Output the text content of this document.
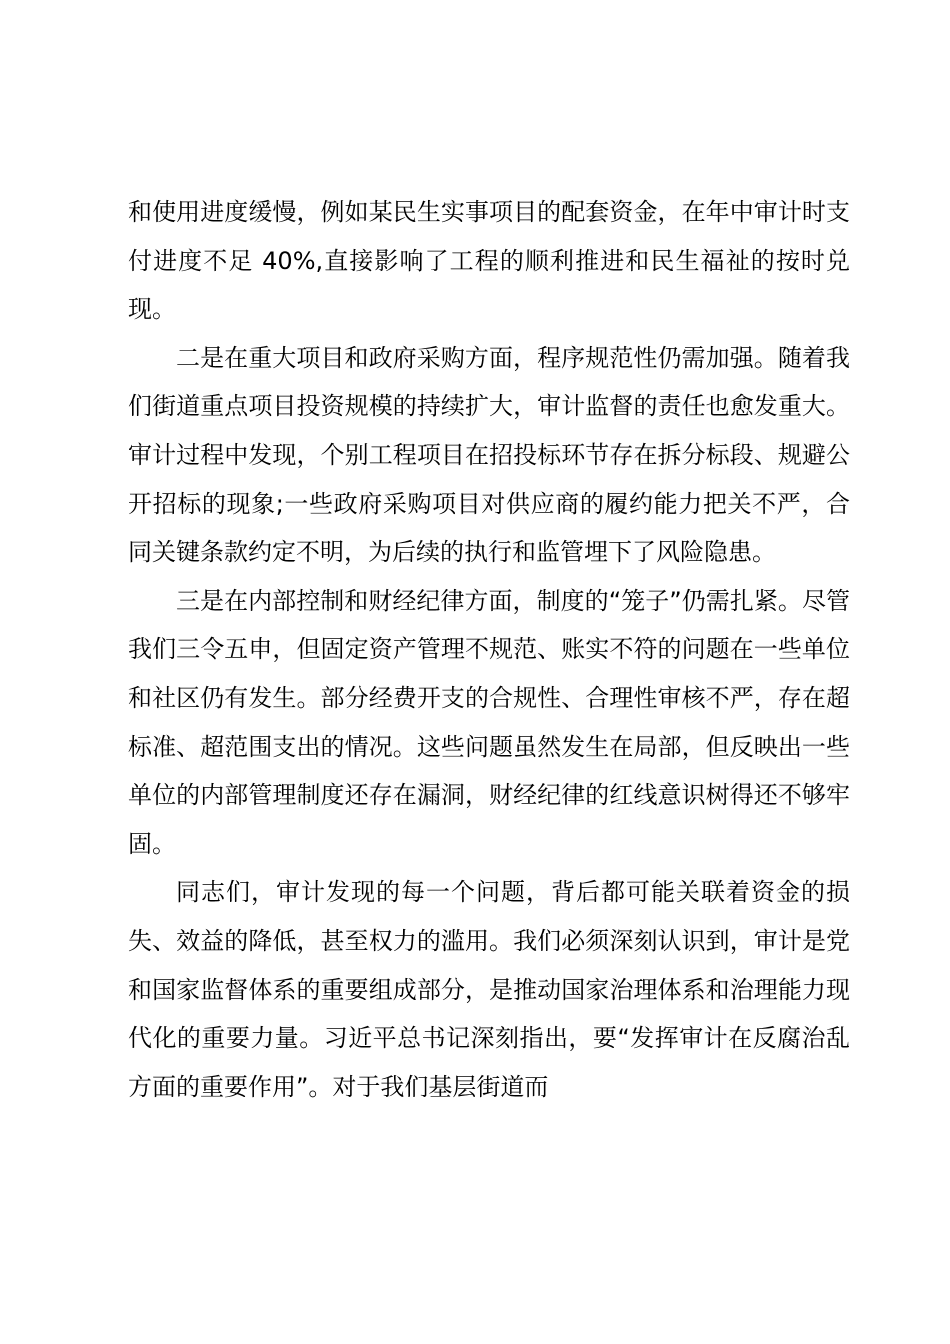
和使用进度缓慢，例如某民生实事项目的配套资金，在年中审计时支付进度不足 40%,直接影响了工程的顺利推进和民生福祉的按时兑现。

二是在重大项目和政府采购方面，程序规范性仍需加强。随着我们街道重点项目投资规模的持续扩大，审计监督的责任也愈发重大。审计过程中发现，个别工程项目在招投标环节存在拆分标段、规避公开招标的现象;一些政府采购项目对供应商的履约能力把关不严，合同关键条款约定不明，为后续的执行和监管埋下了风险隐患。

三是在内部控制和财经纪律方面，制度的“笼子”仍需扎紧。尽管我们三令五申，但固定资产管理不规范、账实不符的问题在一些单位和社区仍有发生。部分经费开支的合规性、合理性审核不严，存在超标准、超范围支出的情况。这些问题虽然发生在局部，但反映出一些单位的内部管理制度还存在漏洞，财经纪律的红线意识树得还不够牢固。

同志们，审计发现的每一个问题，背后都可能关联着资金的损失、效益的降低，甚至权力的滥用。我们必须深刻认识到，审计是党和国家监督体系的重要组成部分，是推动国家治理体系和治理能力现代化的重要力量。习近平总书记深刻指出，要“发挥审计在反腐治乱方面的重要作用”。对于我们基层街道而
